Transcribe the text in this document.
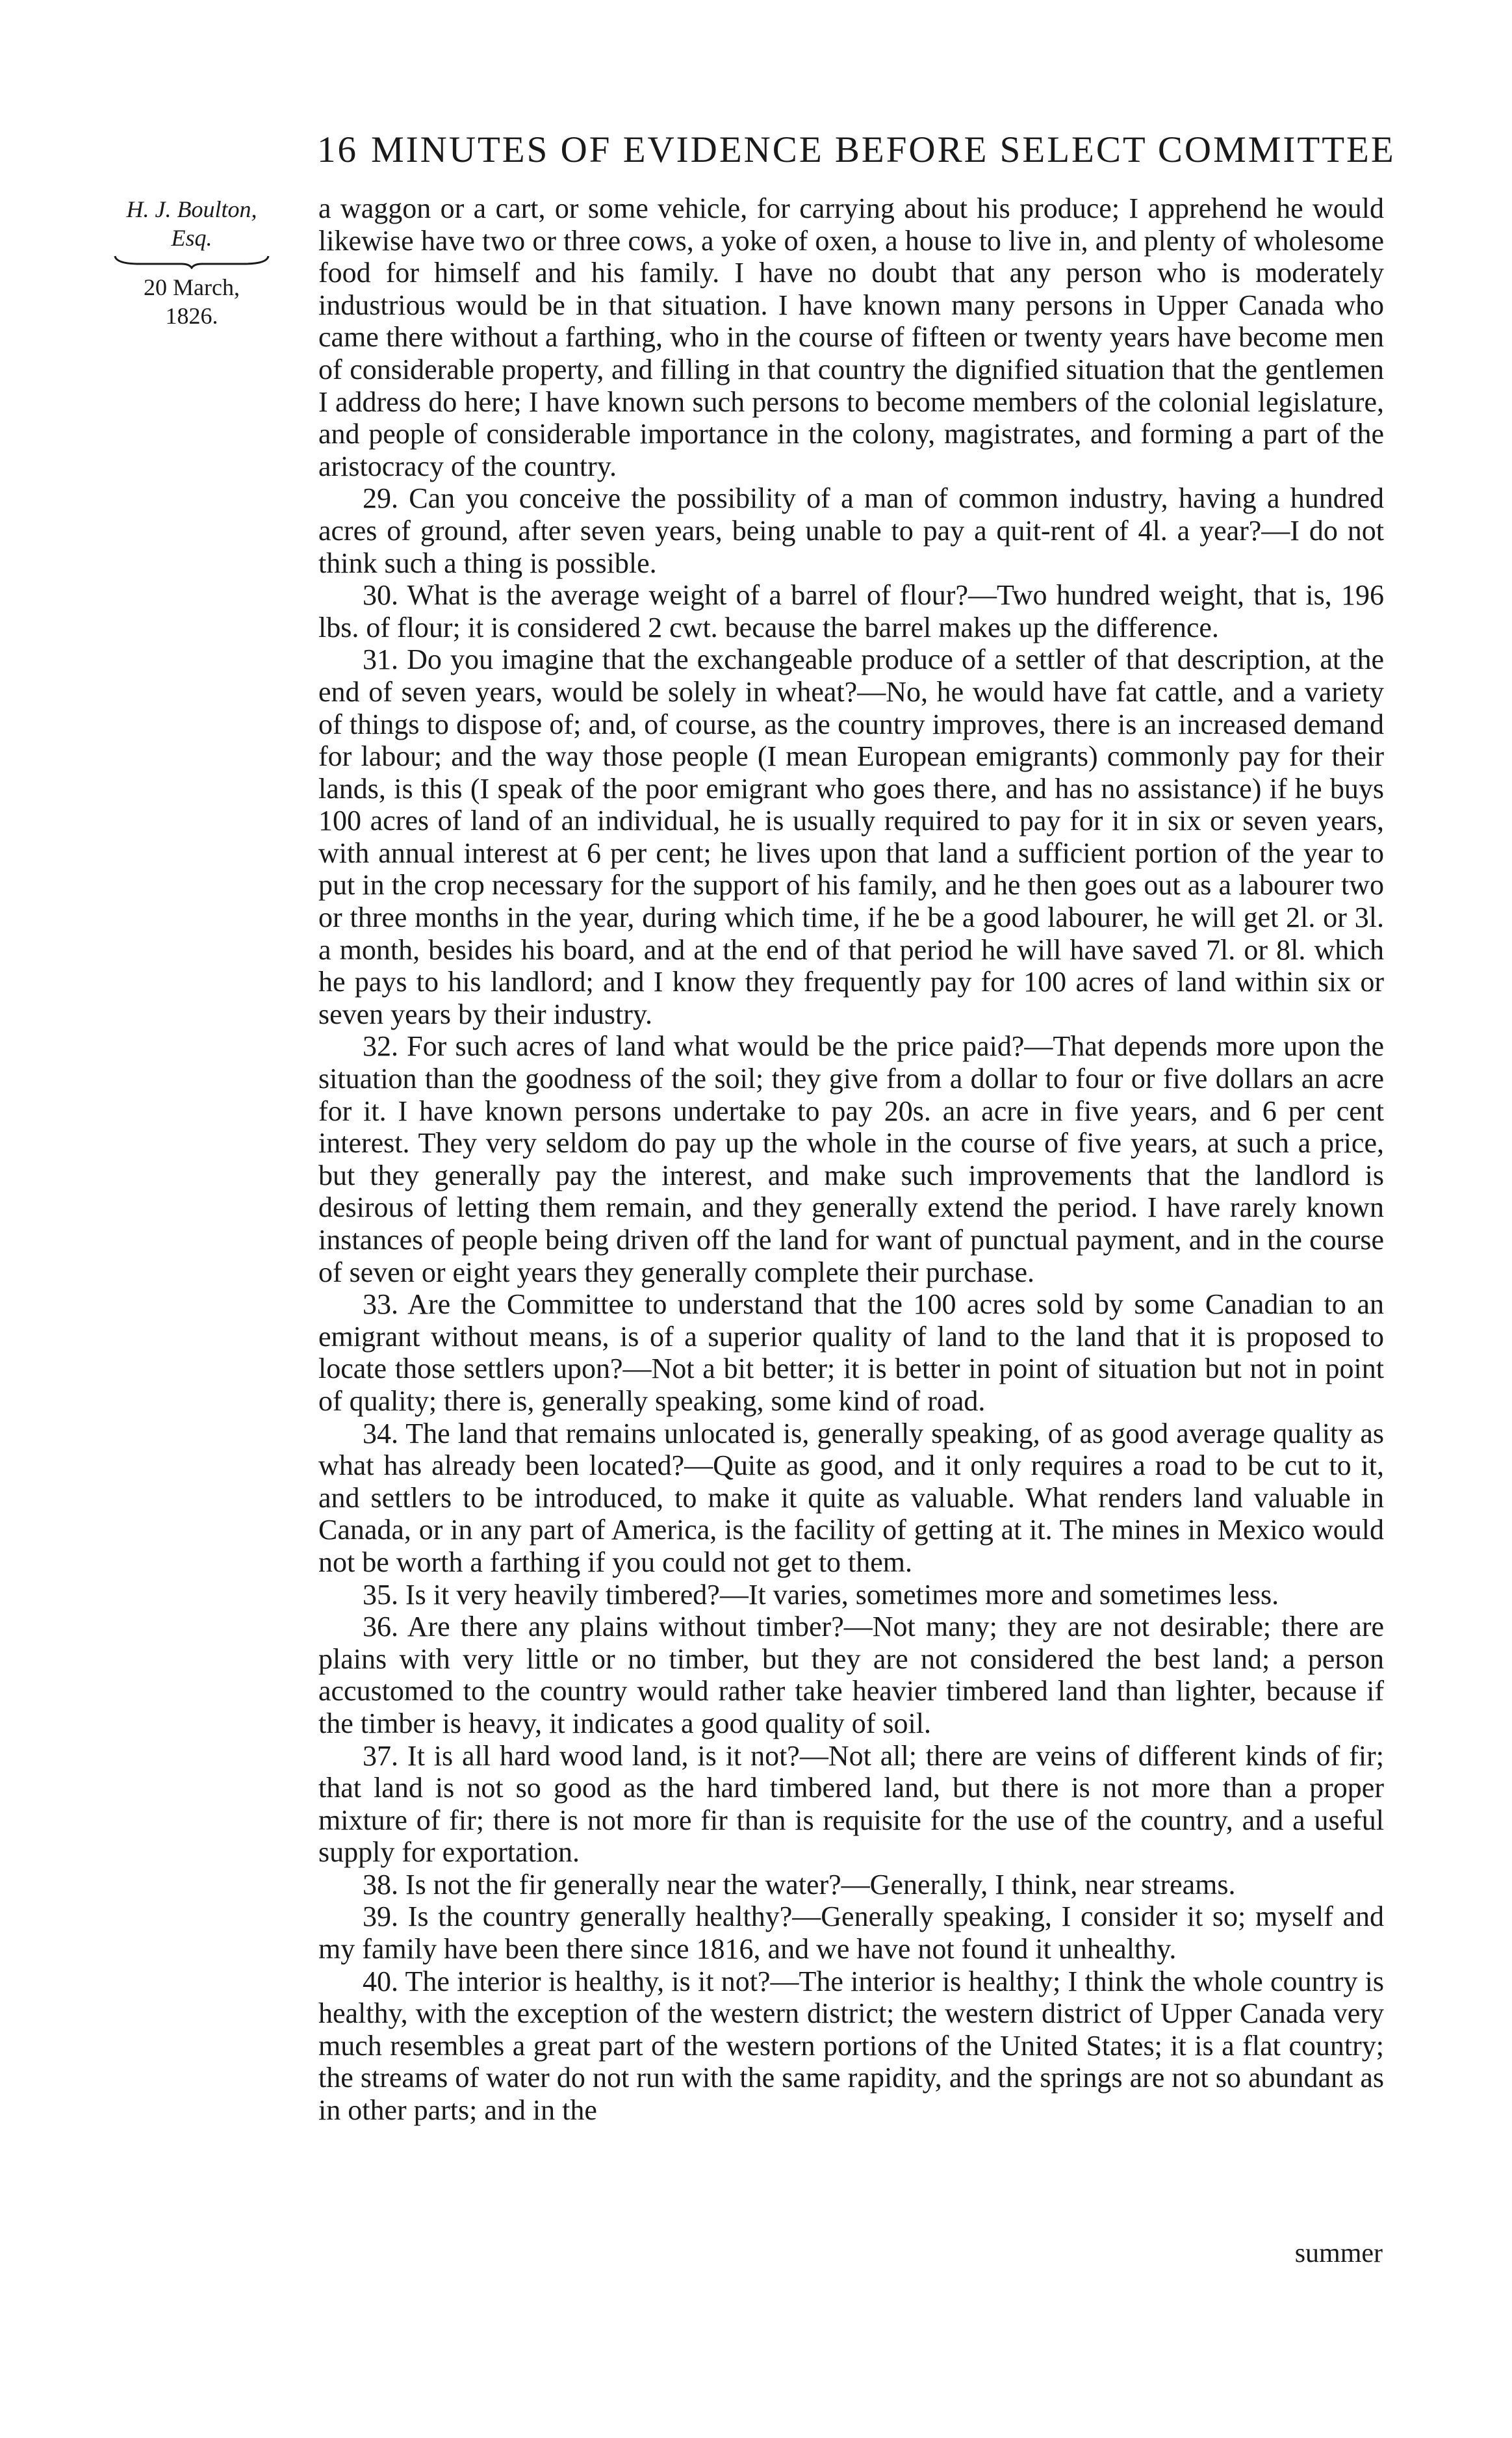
16 MINUTES OF EVIDENCE BEFORE SELECT COMMITTEE
H. J. Boulton,
Esq.
20 March,
1826.

a waggon or a cart, or some vehicle, for carrying about his produce; I apprehend he would likewise have two or three cows, a yoke of oxen, a house to live in, and plenty of wholesome food for himself and his family. I have no doubt that any person who is moderately industrious would be in that situation. I have known many persons in Upper Canada who came there without a farthing, who in the course of fifteen or twenty years have become men of considerable property, and filling in that country the dignified situation that the gentlemen I address do here; I have known such persons to become members of the colonial legislature, and people of considerable importance in the colony, magistrates, and forming a part of the aristocracy of the country.

29. Can you conceive the possibility of a man of common industry, having a hundred acres of ground, after seven years, being unable to pay a quit-rent of 4l. a year?—I do not think such a thing is possible.

30. What is the average weight of a barrel of flour?—Two hundred weight, that is, 196 lbs. of flour; it is considered 2 cwt. because the barrel makes up the difference.

31. Do you imagine that the exchangeable produce of a settler of that description, at the end of seven years, would be solely in wheat?—No, he would have fat cattle, and a variety of things to dispose of; and, of course, as the country improves, there is an increased demand for labour; and the way those people (I mean European emigrants) commonly pay for their lands, is this (I speak of the poor emigrant who goes there, and has no assistance) if he buys 100 acres of land of an individual, he is usually required to pay for it in six or seven years, with annual interest at 6 per cent; he lives upon that land a sufficient portion of the year to put in the crop necessary for the support of his family, and he then goes out as a labourer two or three months in the year, during which time, if he be a good labourer, he will get 2l. or 3l. a month, besides his board, and at the end of that period he will have saved 7l. or 8l. which he pays to his landlord; and I know they frequently pay for 100 acres of land within six or seven years by their industry.

32. For such acres of land what would be the price paid?—That depends more upon the situation than the goodness of the soil; they give from a dollar to four or five dollars an acre for it. I have known persons undertake to pay 20s. an acre in five years, and 6 per cent interest. They very seldom do pay up the whole in the course of five years, at such a price, but they generally pay the interest, and make such improvements that the landlord is desirous of letting them remain, and they generally extend the period. I have rarely known instances of people being driven off the land for want of punctual payment, and in the course of seven or eight years they generally complete their purchase.

33. Are the Committee to understand that the 100 acres sold by some Canadian to an emigrant without means, is of a superior quality of land to the land that it is proposed to locate those settlers upon?—Not a bit better; it is better in point of situation but not in point of quality; there is, generally speaking, some kind of road.

34. The land that remains unlocated is, generally speaking, of as good average quality as what has already been located?—Quite as good, and it only requires a road to be cut to it, and settlers to be introduced, to make it quite as valuable. What renders land valuable in Canada, or in any part of America, is the facility of getting at it. The mines in Mexico would not be worth a farthing if you could not get to them.

35. Is it very heavily timbered?—It varies, sometimes more and sometimes less.

36. Are there any plains without timber?—Not many; they are not desirable; there are plains with very little or no timber, but they are not considered the best land; a person accustomed to the country would rather take heavier timbered land than lighter, because if the timber is heavy, it indicates a good quality of soil.

37. It is all hard wood land, is it not?—Not all; there are veins of different kinds of fir; that land is not so good as the hard timbered land, but there is not more than a proper mixture of fir; there is not more fir than is requisite for the use of the country, and a useful supply for exportation.

38. Is not the fir generally near the water?—Generally, I think, near streams.

39. Is the country generally healthy?—Generally speaking, I consider it so; myself and my family have been there since 1816, and we have not found it unhealthy.

40. The interior is healthy, is it not?—The interior is healthy; I think the whole country is healthy, with the exception of the western district; the western district of Upper Canada very much resembles a great part of the western portions of the United States; it is a flat country; the streams of water do not run with the same rapidity, and the springs are not so abundant as in other parts; and in the

summer
